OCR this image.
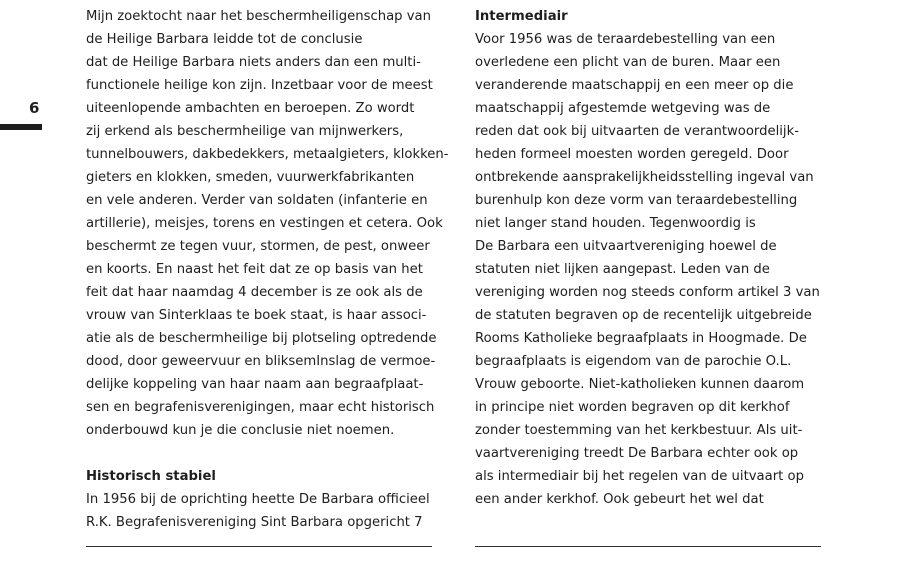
6
Mijn zoektocht naar het beschermheiligenschap van
de Heilige Barbara leidde tot de conclusie
dat de Heilige Barbara niets anders dan een multi-
functionele heilige kon zijn. Inzetbaar voor de meest
uiteenlopende ambachten en beroepen. Zo wordt
zij erkend als beschermheilige van mijnwerkers,
tunnelbouwers, dakbedekkers, metaalgieters, klokken-
gieters en klokken, smeden, vuurwerkfabrikanten
en vele anderen. Verder van soldaten (infanterie en
artillerie), meisjes, torens en vestingen et cetera. Ook
beschermt ze tegen vuur, stormen, de pest, onweer
en koorts. En naast het feit dat ze op basis van het
feit dat haar naamdag 4 december is ze ook als de
vrouw van Sinterklaas te boek staat, is haar associ-
atie als de beschermheilige bij plotseling optredende
dood, door geweervuur en bliksemInslag de vermoe-
delijke koppeling van haar naam aan begraafplaat-
sen en begrafenisverenigingen, maar echt historisch
onderbouwd kun je die conclusie niet noemen.
Historisch stabiel
In 1956 bij de oprichting heette De Barbara officieel
R.K. Begrafenisvereniging Sint Barbara opgericht 7
Intermediair
Voor 1956 was de teraardebestelling van een
overledene een plicht van de buren. Maar een
veranderende maatschappij en een meer op die
maatschappij afgestemde wetgeving was de
reden dat ook bij uitvaarten de verantwoordelijk-
heden formeel moesten worden geregeld. Door
ontbrekende aansprakelijkheidsstelling ingeval van
burenhulp kon deze vorm van teraardebestelling
niet langer stand houden. Tegenwoordig is
De Barbara een uitvaartvereniging hoewel de
statuten niet lijken aangepast. Leden van de
vereniging worden nog steeds conform artikel 3 van
de statuten begraven op de recentelijk uitgebreide
Rooms Katholieke begraafplaats in Hoogmade. De
begraafplaats is eigendom van de parochie O.L.
Vrouw geboorte. Niet-katholieken kunnen daarom
in principe niet worden begraven op dit kerkhof
zonder toestemming van het kerkbestuur. Als uit-
vaartvereniging treedt De Barbara echter ook op
als intermediair bij het regelen van de uitvaart op
een ander kerkhof. Ook gebeurt het wel dat
